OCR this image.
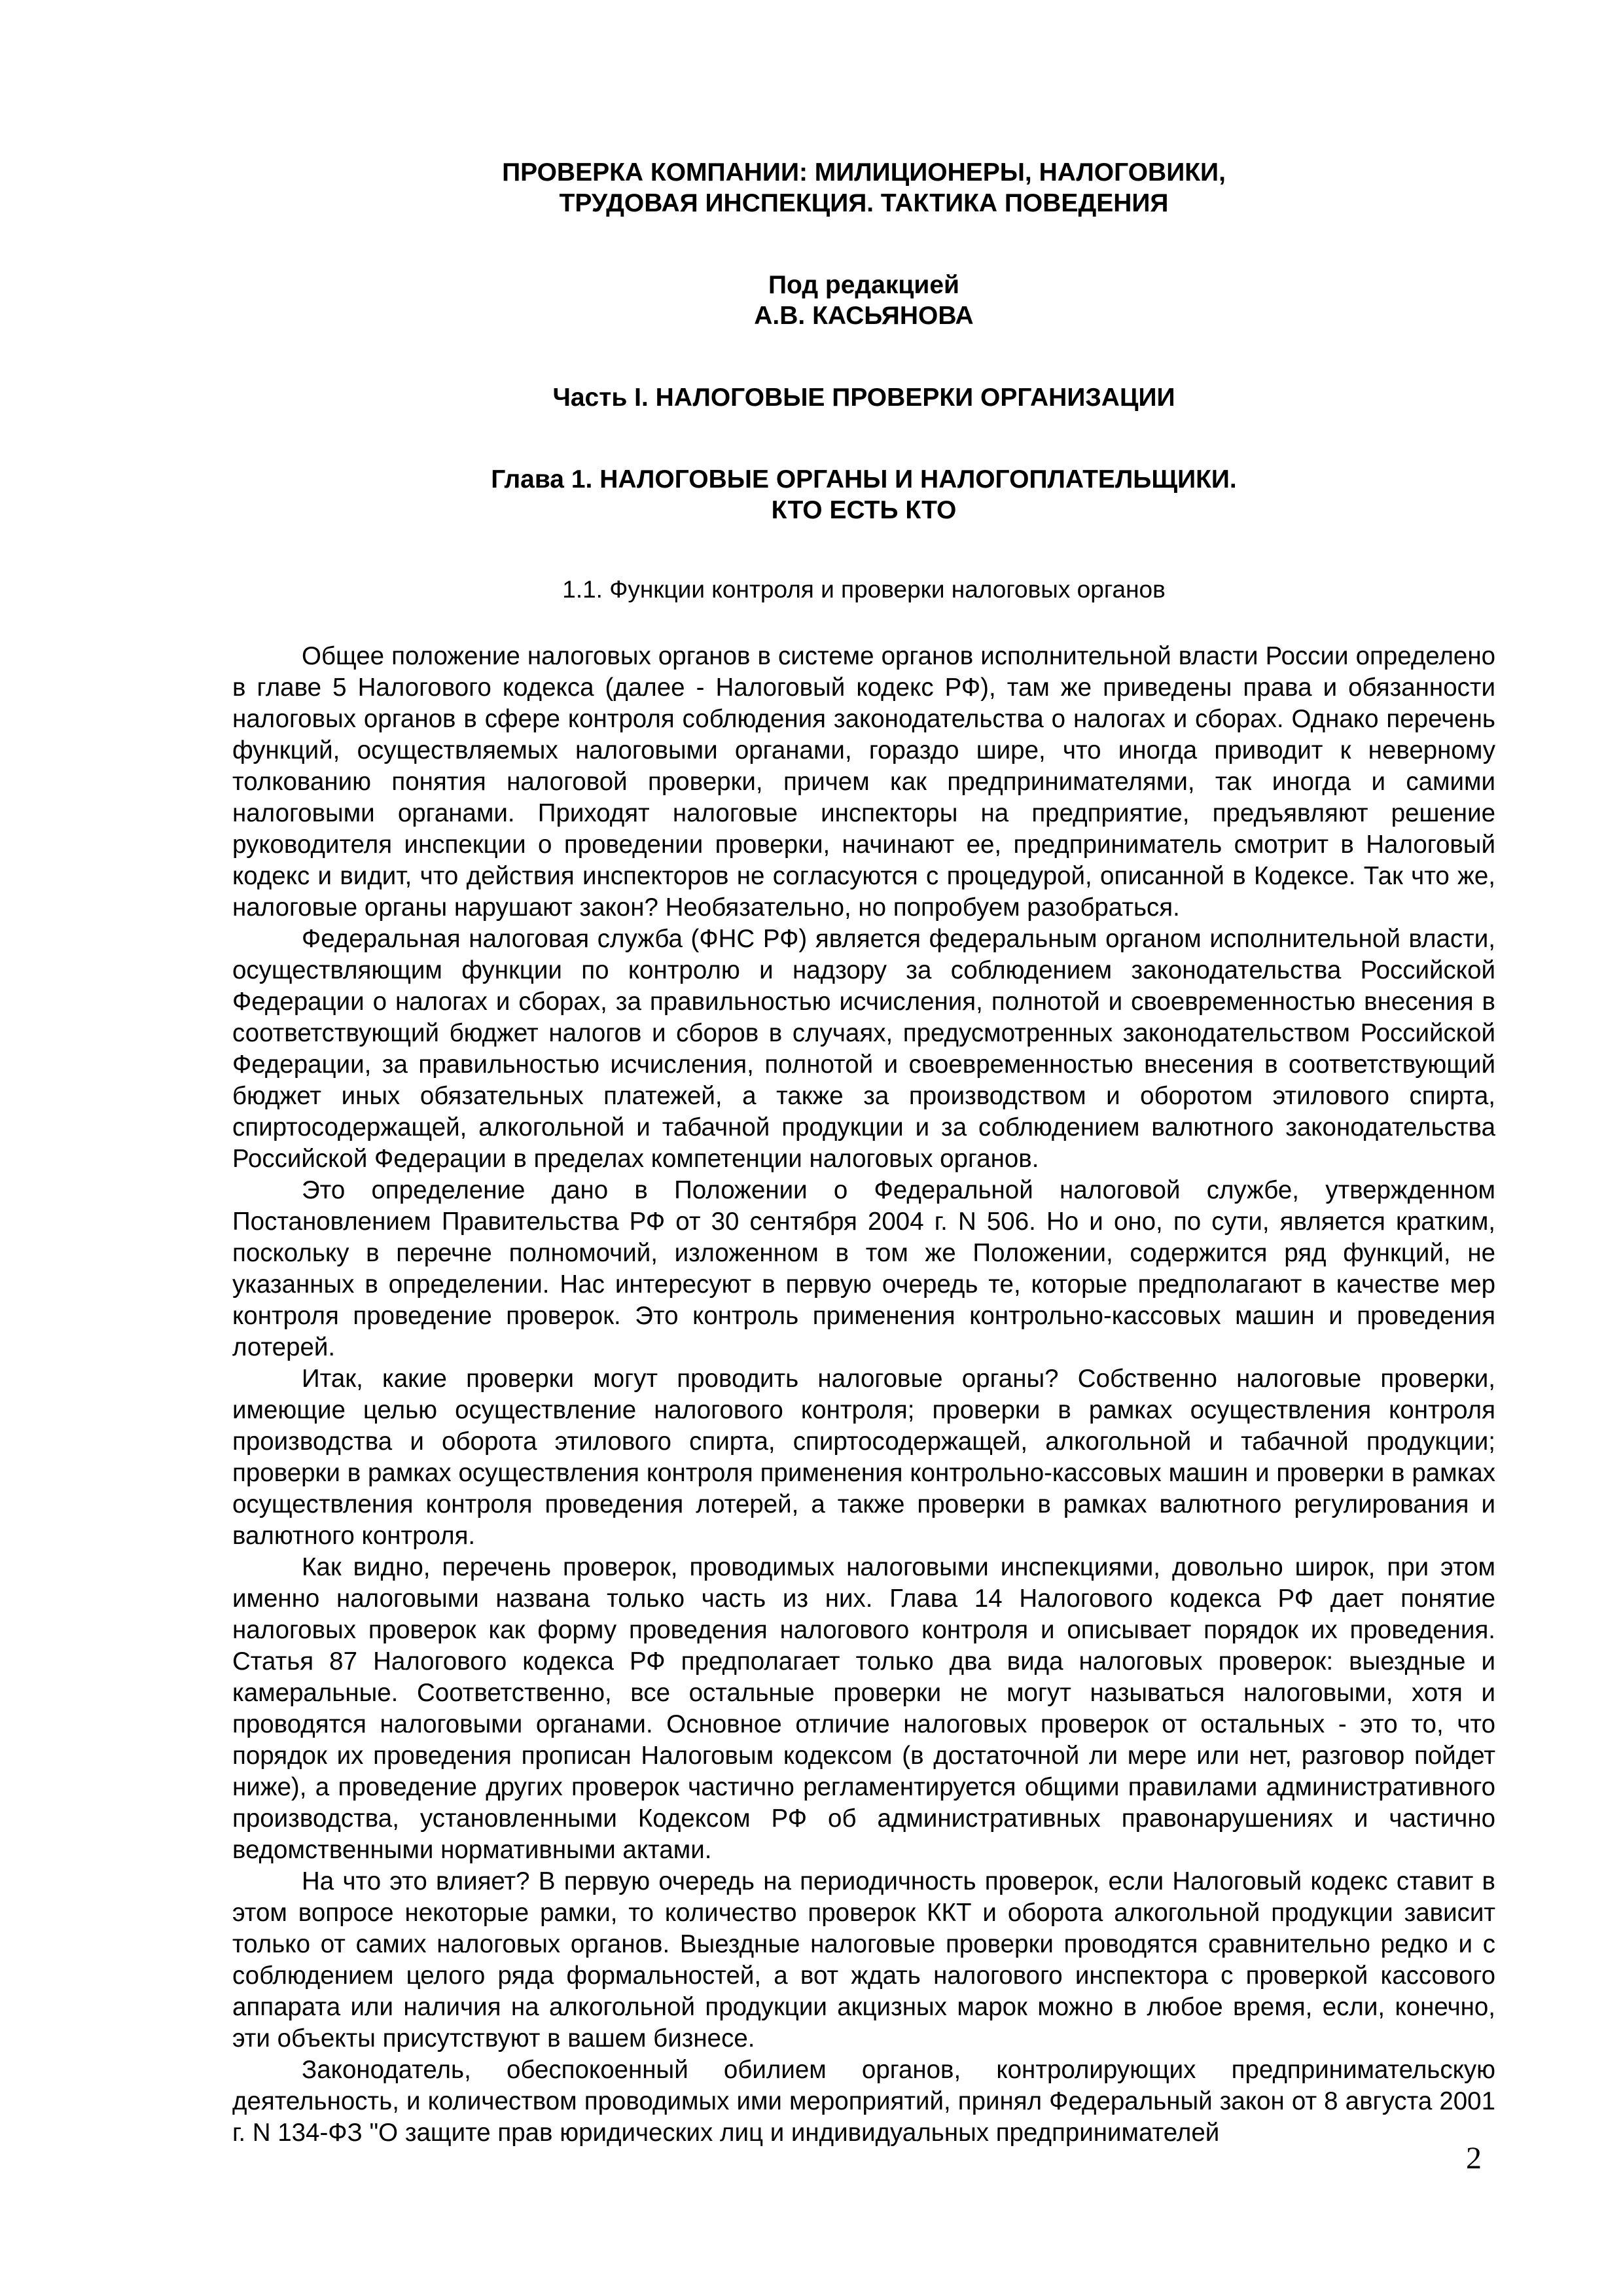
ПРОВЕРКА КОМПАНИИ: МИЛИЦИОНЕРЫ, НАЛОГОВИКИ,

ТРУДОВАЯ ИНСПЕКЦИЯ. ТАКТИКА ПОВЕДЕНИЯ

Под редакцией

А.В. КАСЬЯНОВА

Часть I. НАЛОГОВЫЕ ПРОВЕРКИ ОРГАНИЗАЦИИ

Глава 1. НАЛОГОВЫЕ ОРГАНЫ И НАЛОГОПЛАТЕЛЬЩИКИ.

КТО ЕСТЬ КТО

1.1. Функции контроля и проверки налоговых органов

Общее положение налоговых органов в системе органов исполнительной власти России определено в главе 5 Налогового кодекса (далее - Налоговый кодекс РФ), там же приведены права и обязанности налоговых органов в сфере контроля соблюдения законодательства о налогах и сборах. Однако перечень функций, осуществляемых налоговыми органами, гораздо шире, что иногда приводит к неверному толкованию понятия налоговой проверки, причем как предпринимателями, так иногда и самими налоговыми органами. Приходят налоговые инспекторы на предприятие, предъявляют решение руководителя инспекции о проведении проверки, начинают ее, предприниматель смотрит в Налоговый кодекс и видит, что действия инспекторов не согласуются с процедурой, описанной в Кодексе. Так что же, налоговые органы нарушают закон? Необязательно, но попробуем разобраться.

Федеральная налоговая служба (ФНС РФ) является федеральным органом исполнительной власти, осуществляющим функции по контролю и надзору за соблюдением законодательства Российской Федерации о налогах и сборах, за правильностью исчисления, полнотой и своевременностью внесения в соответствующий бюджет налогов и сборов в случаях, предусмотренных законодательством Российской Федерации, за правильностью исчисления, полнотой и своевременностью внесения в соответствующий бюджет иных обязательных платежей, а также за производством и оборотом этилового спирта, спиртосодержащей, алкогольной и табачной продукции и за соблюдением валютного законодательства Российской Федерации в пределах компетенции налоговых органов.

Это определение дано в Положении о Федеральной налоговой службе, утвержденном Постановлением Правительства РФ от 30 сентября 2004 г. N 506. Но и оно, по сути, является кратким, поскольку в перечне полномочий, изложенном в том же Положении, содержится ряд функций, не указанных в определении. Нас интересуют в первую очередь те, которые предполагают в качестве мер контроля проведение проверок. Это контроль применения контрольно-кассовых машин и проведения лотерей.

Итак, какие проверки могут проводить налоговые органы? Собственно налоговые проверки, имеющие целью осуществление налогового контроля; проверки в рамках осуществления контроля производства и оборота этилового спирта, спиртосодержащей, алкогольной и табачной продукции; проверки в рамках осуществления контроля применения контрольно-кассовых машин и проверки в рамках осуществления контроля проведения лотерей, а также проверки в рамках валютного регулирования и валютного контроля.

Как видно, перечень проверок, проводимых налоговыми инспекциями, довольно широк, при этом именно налоговыми названа только часть из них. Глава 14 Налогового кодекса РФ дает понятие налоговых проверок как форму проведения налогового контроля и описывает порядок их проведения. Статья 87 Налогового кодекса РФ предполагает только два вида налоговых проверок: выездные и камеральные. Соответственно, все остальные проверки не могут называться налоговыми, хотя и проводятся налоговыми органами. Основное отличие налоговых проверок от остальных - это то, что порядок их проведения прописан Налоговым кодексом (в достаточной ли мере или нет, разговор пойдет ниже), а проведение других проверок частично регламентируется общими правилами административного производства, установленными Кодексом РФ об административных правонарушениях и частично ведомственными нормативными актами.

На что это влияет? В первую очередь на периодичность проверок, если Налоговый кодекс ставит в этом вопросе некоторые рамки, то количество проверок ККТ и оборота алкогольной продукции зависит только от самих налоговых органов. Выездные налоговые проверки проводятся сравнительно редко и с соблюдением целого ряда формальностей, а вот ждать налогового инспектора с проверкой кассового аппарата или наличия на алкогольной продукции акцизных марок можно в любое время, если, конечно, эти объекты присутствуют в вашем бизнесе.

Законодатель, обеспокоенный обилием органов, контролирующих предпринимательскую деятельность, и количеством проводимых ими мероприятий, принял Федеральный закон от 8 августа 2001 г. N 134-ФЗ "О защите прав юридических лиц и индивидуальных предпринимателей

2
